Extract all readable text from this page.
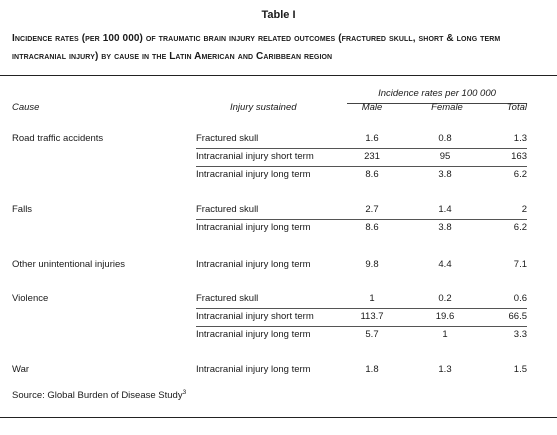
Table I
Incidence rates (per 100 000) of traumatic brain injury related outcomes (fractured skull, short & long term intracranial injury) by cause in the Latin American and Caribbean region
Incidence rates per 100 000
Cause	Injury sustained	Male	Female	Total
Road traffic accidents	Fractured skull	1.6	0.8	1.3
Intracranial injury short term	231	95	163
Intracranial injury long term	8.6	3.8	6.2
Falls	Fractured skull	2.7	1.4	2
Intracranial injury long term	8.6	3.8	6.2
Other unintentional injuries	Intracranial injury long term	9.8	4.4	7.1
Violence	Fractured skull	1	0.2	0.6
Intracranial injury short term	113.7	19.6	66.5
Intracranial injury long term	5.7	1	3.3
War	Intracranial injury long term	1.8	1.3	1.5
Source: Global Burden of Disease Study$^3$
